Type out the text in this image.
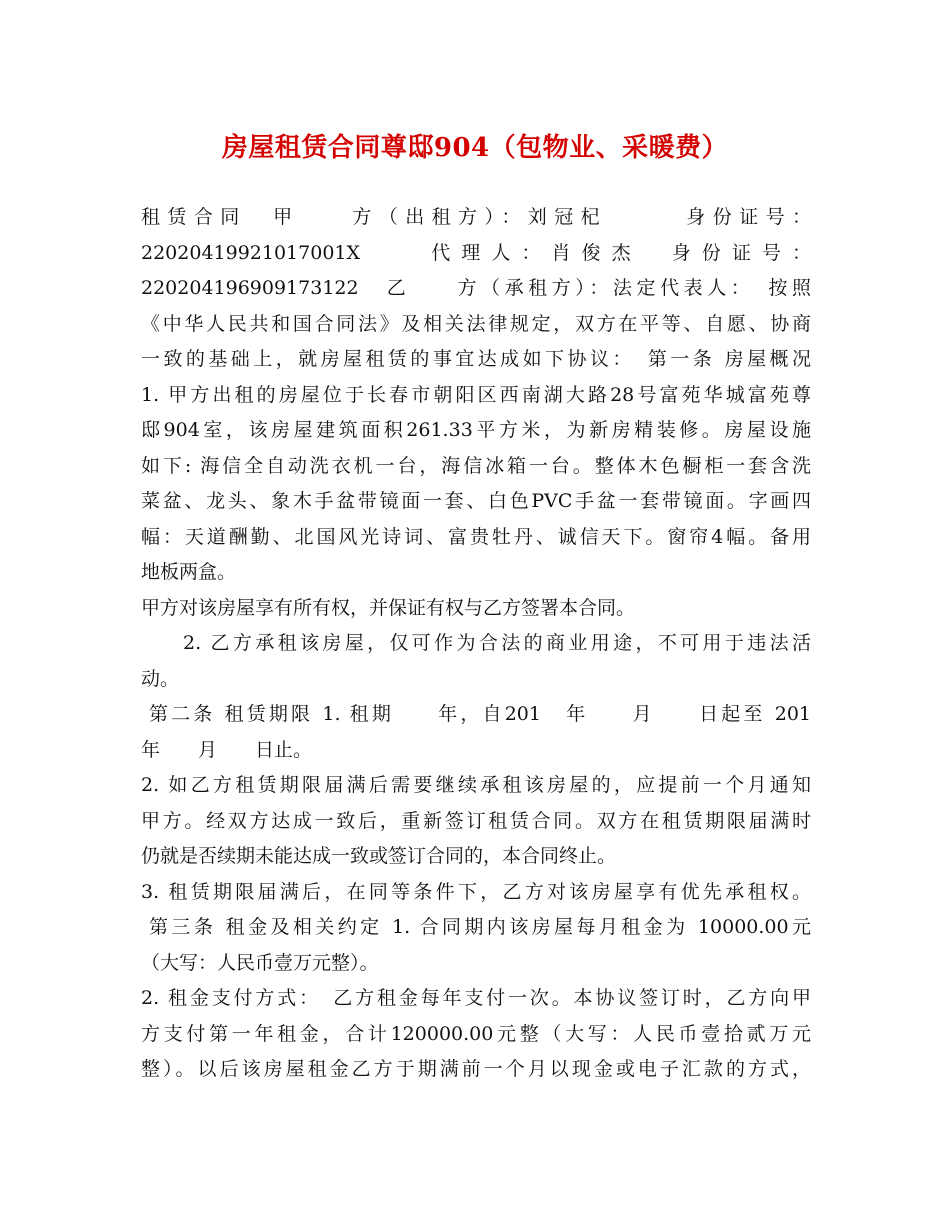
房屋租赁合同尊邸904（包物业、采暖费）
租赁合同　甲　　方（出租方）：刘冠杞　　　身份证号：
22020419921017001X　　代理人：肖俊杰　身份证号：
220204196909173122　乙　　方（承租方）：法定代表人：　按照
《中华人民共和国合同法》及相关法律规定，双方在平等、自愿、协商
一致的基础上，就房屋租赁的事宜达成如下协议：　第一条 房屋概况
1. 甲方出租的房屋位于长春市朝阳区西南湖大路28号富苑华城富苑尊
邸904室，该房屋建筑面积261.33平方米，为新房精装修。房屋设施
如下: 海信全自动洗衣机一台，海信冰箱一台。整体木色橱柜一套含洗
菜盆、龙头、象木手盆带镜面一套、白色PVC手盆一套带镜面。字画四
幅：天道酬勤、北国风光诗词、富贵牡丹、诚信天下。窗帘4幅。备用
地板两盒。
甲方对该房屋享有所有权，并保证有权与乙方签署本合同。
2. 乙方承租该房屋，仅可作为合法的商业用途，不可用于违法活
动。
第二条 租赁期限 1. 租期　　年，自201　年　　月　　日起至 201
年　　月　　日止。
2. 如乙方租赁期限届满后需要继续承租该房屋的，应提前一个月通知
甲方。经双方达成一致后，重新签订租赁合同。双方在租赁期限届满时
仍就是否续期未能达成一致或签订合同的，本合同终止。
3. 租赁期限届满后，在同等条件下，乙方对该房屋享有优先承租权。
第三条 租金及相关约定 1. 合同期内该房屋每月租金为 10000.00元
（大写：人民币壹万元整）。
2. 租金支付方式：　乙方租金每年支付一次。本协议签订时，乙方向甲
方支付第一年租金，合计120000.00元整（大写：人民币壹拾贰万元
整）。以后该房屋租金乙方于期满前一个月以现金或电子汇款的方式，
